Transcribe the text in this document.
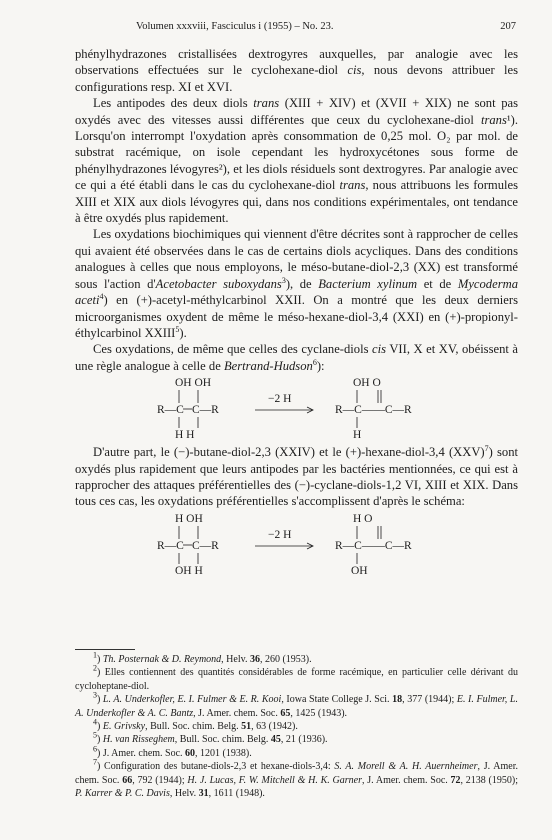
Volumen xxxviii, Fasciculus i (1955) – No. 23.	207

phénylhydrazones cristallisées dextrogyres auxquelles, par analogie avec les observations effectuées sur le cyclohexane-diol cis, nous devons attribuer les configurations resp. XI et XVI.

Les antipodes des deux diols trans (XIII + XIV) et (XVII + XIX) ne sont pas oxydés avec des vitesses aussi différentes que ceux du cyclohexane-diol trans¹). Lorsqu'on interrompt l'oxydation après consommation de 0,25 mol. O₂ par mol. de substrat racémique, on isole cependant les hydroxycétones sous forme de phénylhydrazones lévogyres²), et les diols résiduels sont dextrogyres. Par analogie avec ce qui a été établi dans le cas du cyclohexane-diol trans, nous attribuons les formules XIII et XIX aux diols lévogyres qui, dans nos conditions expérimentales, ont tendance à être oxydés plus rapidement.

Les oxydations biochimiques qui viennent d'être décrites sont à rapprocher de celles qui avaient été observées dans le cas de certains diols acycliques. Dans des conditions analogues à celles que nous employons, le méso-butane-diol-2,3 (XX) est transformé sous l'action d'Acetobacter suboxydans$^3$), de Bacterium xylinum et de Mycoderma aceti$^4$) en (+)-acetyl-méthylcarbinol XXII. On a montré que les deux derniers microorganismes oxydent de même le méso-hexane-diol-3,4 (XXI) en (+)-propionyl-éthylcarbinol XXIII$^5$).

Ces oxydations, de même que celles des cyclane-diols cis VII, X et XV, obéissent à une règle analogue à celle de Bertrand-Hudson$^6$):

OH OH
R—C C—R
H H
−2 H
OH O
R—C——C—R
H

D'autre part, le (−)-butane-diol-2,3 (XXIV) et le (+)-hexane-diol-3,4 (XXV)$^7$) sont oxydés plus rapidement que leurs antipodes par les bactéries mentionnées, ce qui est à rapprocher des attaques préférentielles des (−)-cyclane-diols-1,2 VI, XIII et XIX. Dans tous ces cas, les oxydations préférentielles s'accomplissent d'après le schéma:

H OH
R—C C—R
OH H
−2 H
H O
R—C——C—R
OH

$^1$) Th. Posternak & D. Reymond, Helv. 36, 260 (1953).

$^2$) Elles contiennent des quantités considérables de forme racémique, en particulier celle dérivant du cycloheptane-diol.

$^3$) L. A. Underkofler, E. I. Fulmer & E. R. Kooi, Iowa State College J. Sci. 18, 377 (1944); E. I. Fulmer, L. A. Underkofler & A. C. Bantz, J. Amer. chem. Soc. 65, 1425 (1943).

$^4$) E. Grivsky, Bull. Soc. chim. Belg. 51, 63 (1942).

$^5$) H. van Risseghem, Bull. Soc. chim. Belg. 45, 21 (1936).

$^6$) J. Amer. chem. Soc. 60, 1201 (1938).

$^7$) Configuration des butane-diols-2,3 et hexane-diols-3,4: S. A. Morell & A. H. Auernheimer, J. Amer. chem. Soc. 66, 792 (1944); H. J. Lucas, F. W. Mitchell & H. K. Garner, J. Amer. chem. Soc. 72, 2138 (1950); P. Karrer & P. C. Davis, Helv. 31, 1611 (1948).
